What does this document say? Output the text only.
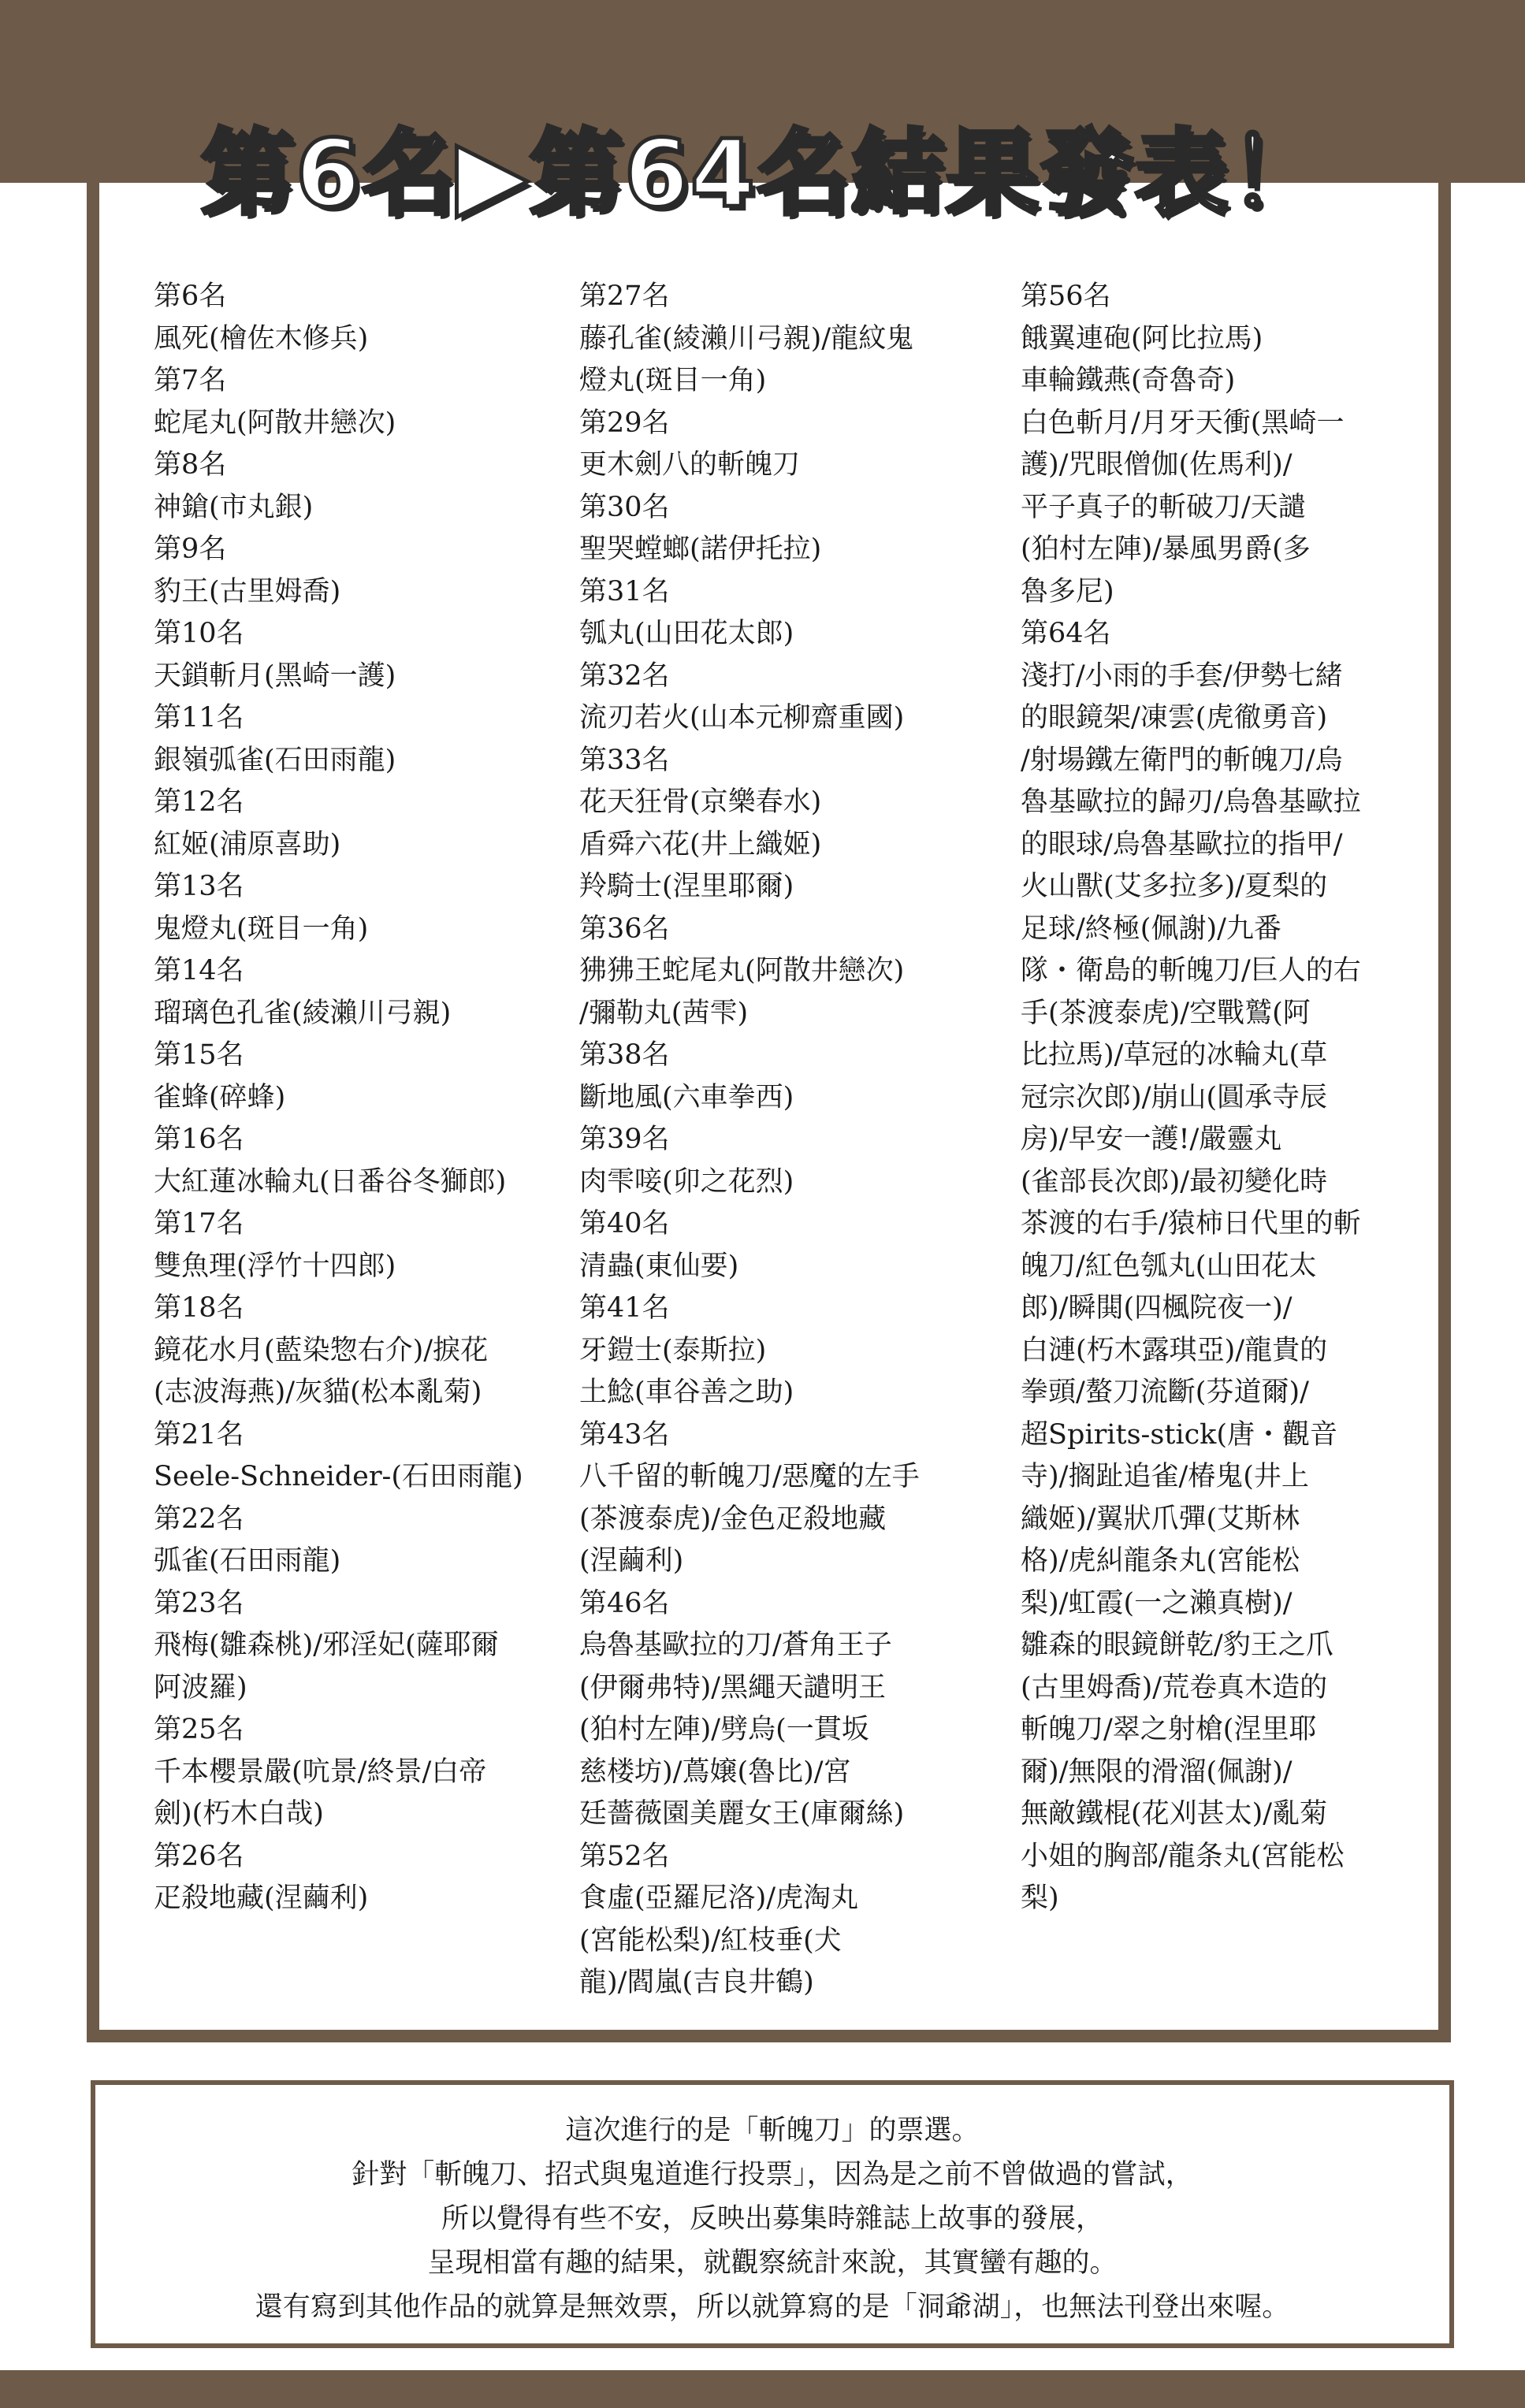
第6名▶第64名結果發表！
第6名
風死(檜佐木修兵)
第7名
蛇尾丸(阿散井戀次)
第8名
神鎗(市丸銀)
第9名
豹王(古里姆喬)
第10名
天鎖斬月(黑崎一護)
第11名
銀嶺弧雀(石田雨龍)
第12名
紅姬(浦原喜助)
第13名
鬼燈丸(斑目一角)
第14名
瑠璃色孔雀(綾瀨川弓親)
第15名
雀蜂(碎蜂)
第16名
大紅蓮冰輪丸(日番谷冬獅郎)
第17名
雙魚理(浮竹十四郎)
第18名
鏡花水月(藍染惣右介)/捩花
(志波海燕)/灰貓(松本亂菊)
第21名
Seele-Schneider-(石田雨龍)
第22名
弧雀(石田雨龍)
第23名
飛梅(雛森桃)/邪淫妃(薩耶爾
阿波羅)
第25名
千本櫻景嚴(吭景/終景/白帝
劍)(朽木白哉)
第26名
疋殺地藏(涅繭利)
第27名
藤孔雀(綾瀨川弓親)/龍紋鬼
燈丸(斑目一角)
第29名
更木劍八的斬魄刀
第30名
聖哭螳螂(諾伊托拉)
第31名
瓠丸(山田花太郎)
第32名
流刃若火(山本元柳齋重國)
第33名
花天狂骨(京樂春水)
盾舜六花(井上織姬)
羚騎士(涅里耶爾)
第36名
狒狒王蛇尾丸(阿散井戀次)
/彌勒丸(茜雫)
第38名
斷地風(六車拳西)
第39名
肉雫唼(卯之花烈)
第40名
清蟲(東仙要)
第41名
牙鎧士(泰斯拉)
土鯰(車谷善之助)
第43名
八千留的斬魄刀/惡魔的左手
(茶渡泰虎)/金色疋殺地藏
(涅繭利)
第46名
烏魯基歐拉的刀/蒼角王子
(伊爾弗特)/黑繩天譴明王
(狛村左陣)/劈烏(一貫坂
慈楼坊)/蔦嬢(魯比)/宮
廷薔薇園美麗女王(庫爾絲)
第52名
食虛(亞羅尼洛)/虎淘丸
(宮能松梨)/紅枝垂(犬
龍)/閻嵐(吉良井鶴)
第56名
餓翼連砲(阿比拉馬)
車輪鐵燕(奇魯奇)
白色斬月/月牙天衝(黑崎一
護)/咒眼僧伽(佐馬利)/
平子真子的斬破刀/天譴
(狛村左陣)/暴風男爵(多
魯多尼)
第64名
淺打/小雨的手套/伊勢七緒
的眼鏡架/凍雲(虎徹勇音)
/射場鐵左衛門的斬魄刀/烏
魯基歐拉的歸刃/烏魯基歐拉
的眼球/烏魯基歐拉的指甲/
火山獸(艾多拉多)/夏梨的
足球/終極(佩謝)/九番
隊・衛島的斬魄刀/巨人的右
手(茶渡泰虎)/空戰鷲(阿
比拉馬)/草冠的冰輪丸(草
冠宗次郎)/崩山(圓承寺辰
房)/早安一護!/嚴靈丸
(雀部長次郎)/最初變化時
茶渡的右手/猿柿日代里的斬
魄刀/紅色瓠丸(山田花太
郎)/瞬閧(四楓院夜一)/
白漣(朽木露琪亞)/龍貴的
拳頭/螯刀流斷(芬道爾)/
超Spirits-stick(唐・觀音
寺)/搁趾追雀/椿鬼(井上
織姬)/翼狀爪彈(艾斯林
格)/虎糾龍条丸(宮能松
梨)/虹霞(一之瀨真樹)/
雛森的眼鏡餅乾/豹王之爪
(古里姆喬)/荒卷真木造的
斬魄刀/翠之射槍(涅里耶
爾)/無限的滑溜(佩謝)/
無敵鐵棍(花刈甚太)/亂菊
小姐的胸部/龍条丸(宮能松
梨)
這次進行的是「斬魄刀」的票選。
針對「斬魄刀、招式與鬼道進行投票」，因為是之前不曾做過的嘗試，
所以覺得有些不安，反映出募集時雜誌上故事的發展，
呈現相當有趣的結果，就觀察統計來說，其實蠻有趣的。
還有寫到其他作品的就算是無效票，所以就算寫的是「洞爺湖」，也無法刊登出來喔。
